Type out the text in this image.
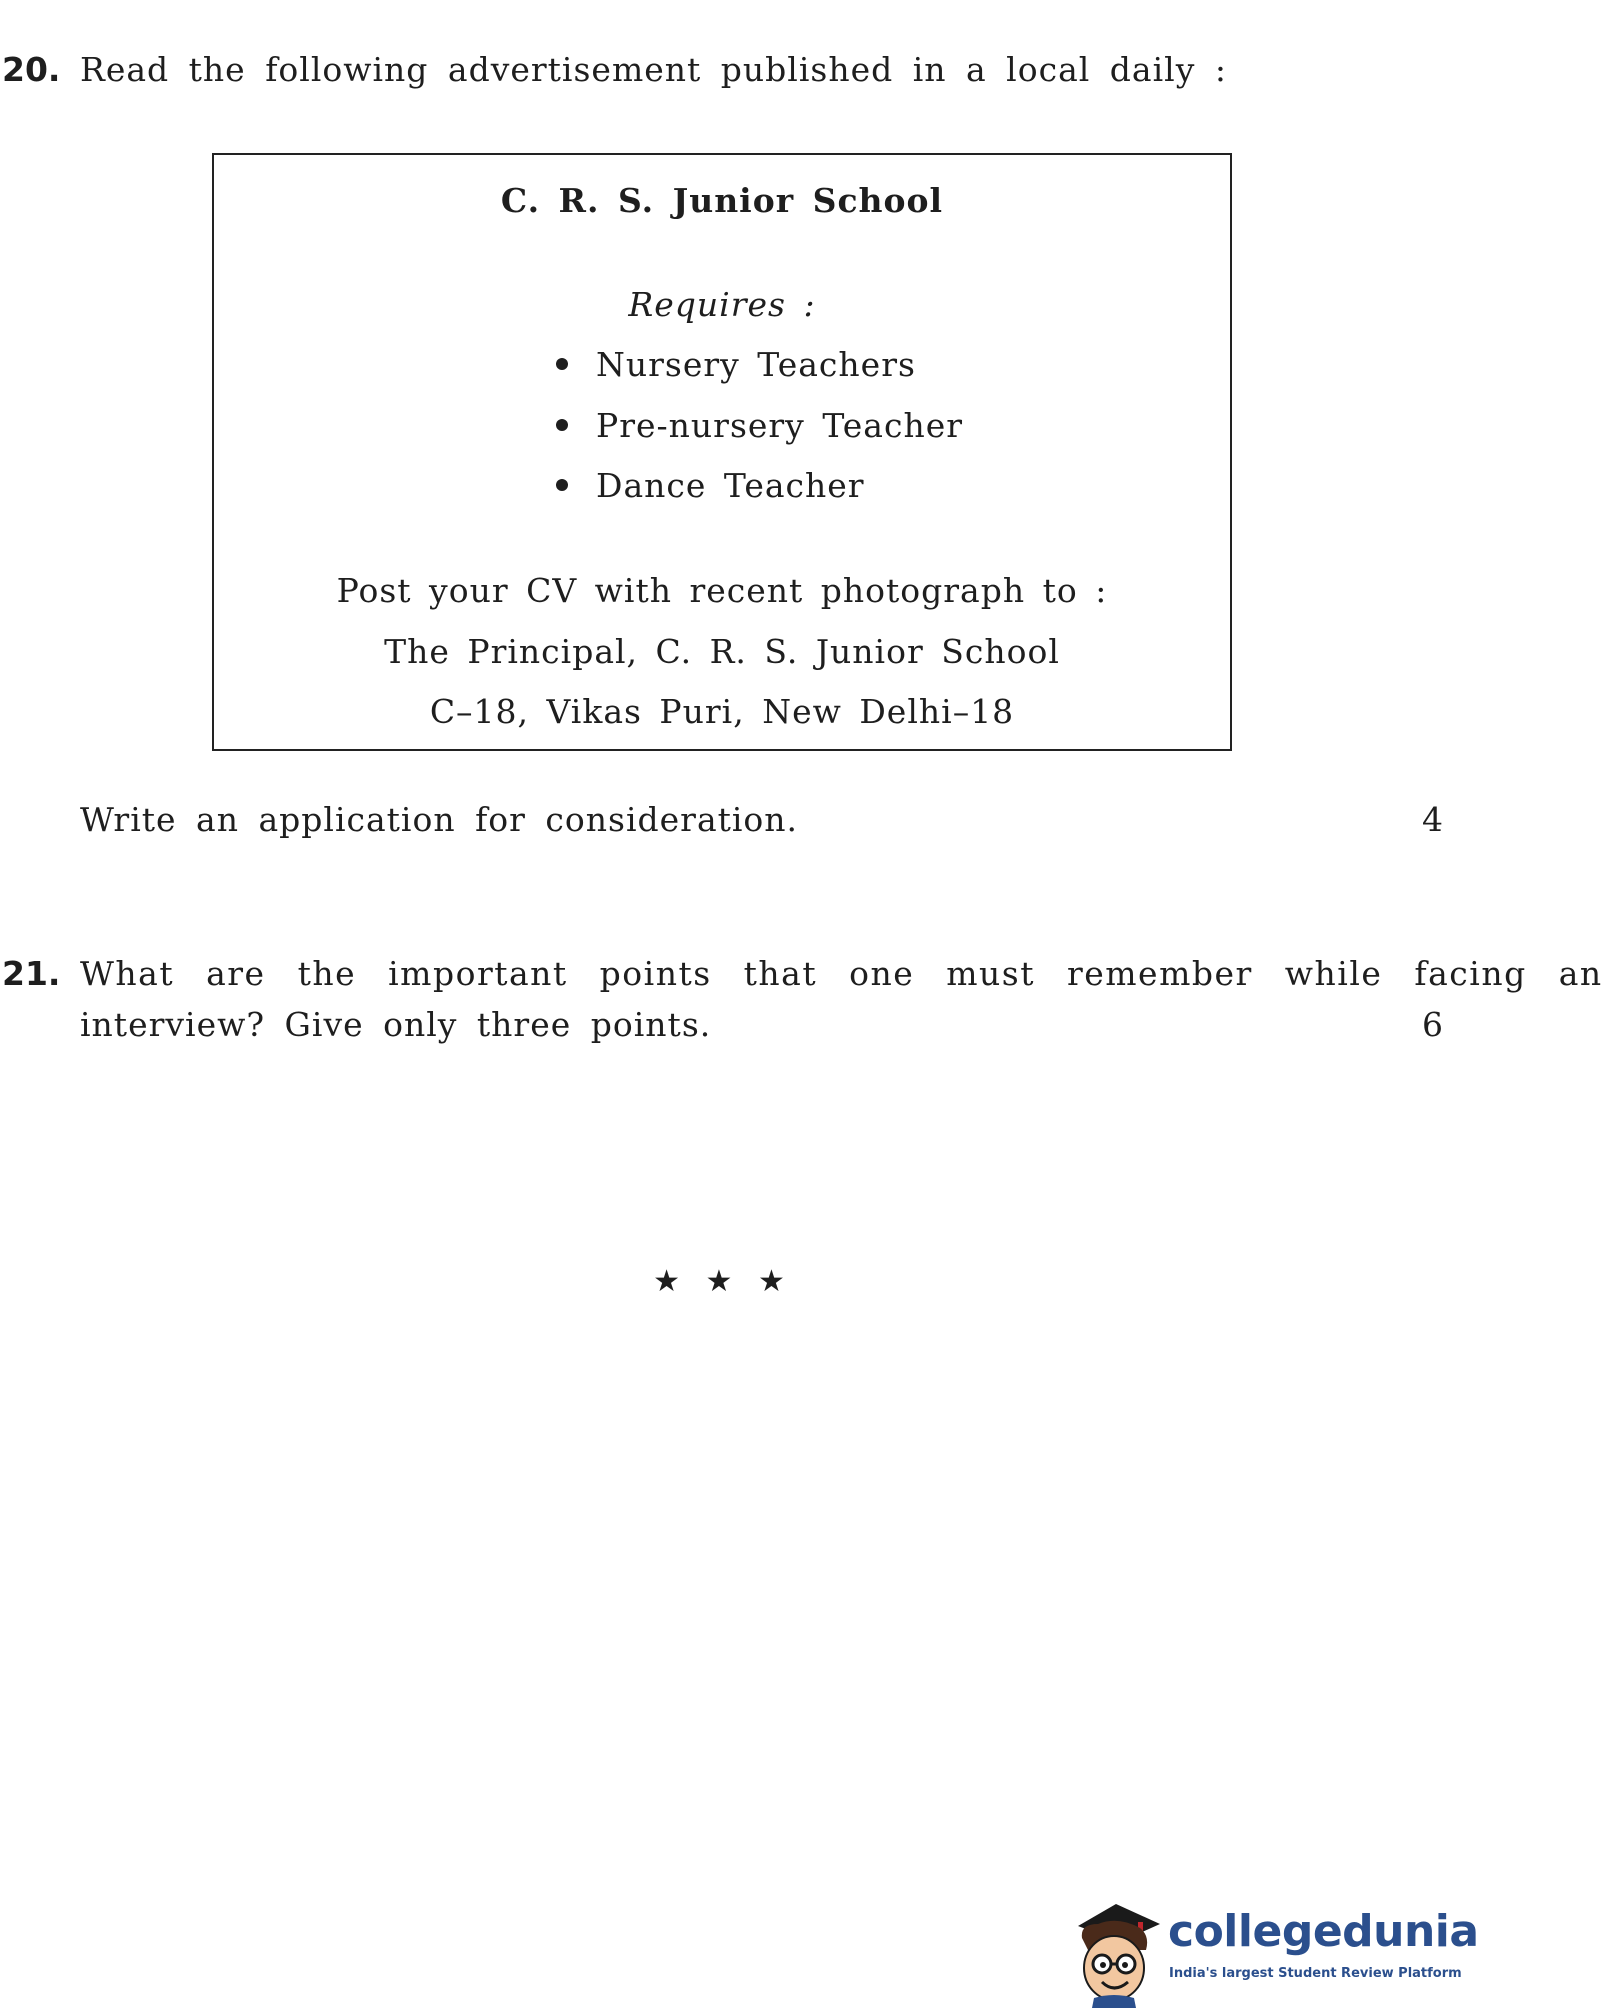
20. Read the following advertisement published in a local daily :
C. R. S. Junior School
Requires :
Nursery Teachers
Pre-nursery Teacher
Dance Teacher
Post your CV with recent photograph to :
The Principal, C. R. S. Junior School
C–18, Vikas Puri, New Delhi–18
Write an application for consideration.	4
21. What are the important points that one must remember while facing an
interview? Give only three points.	6
★ ★ ★
collegedunia
India's largest Student Review Platform
